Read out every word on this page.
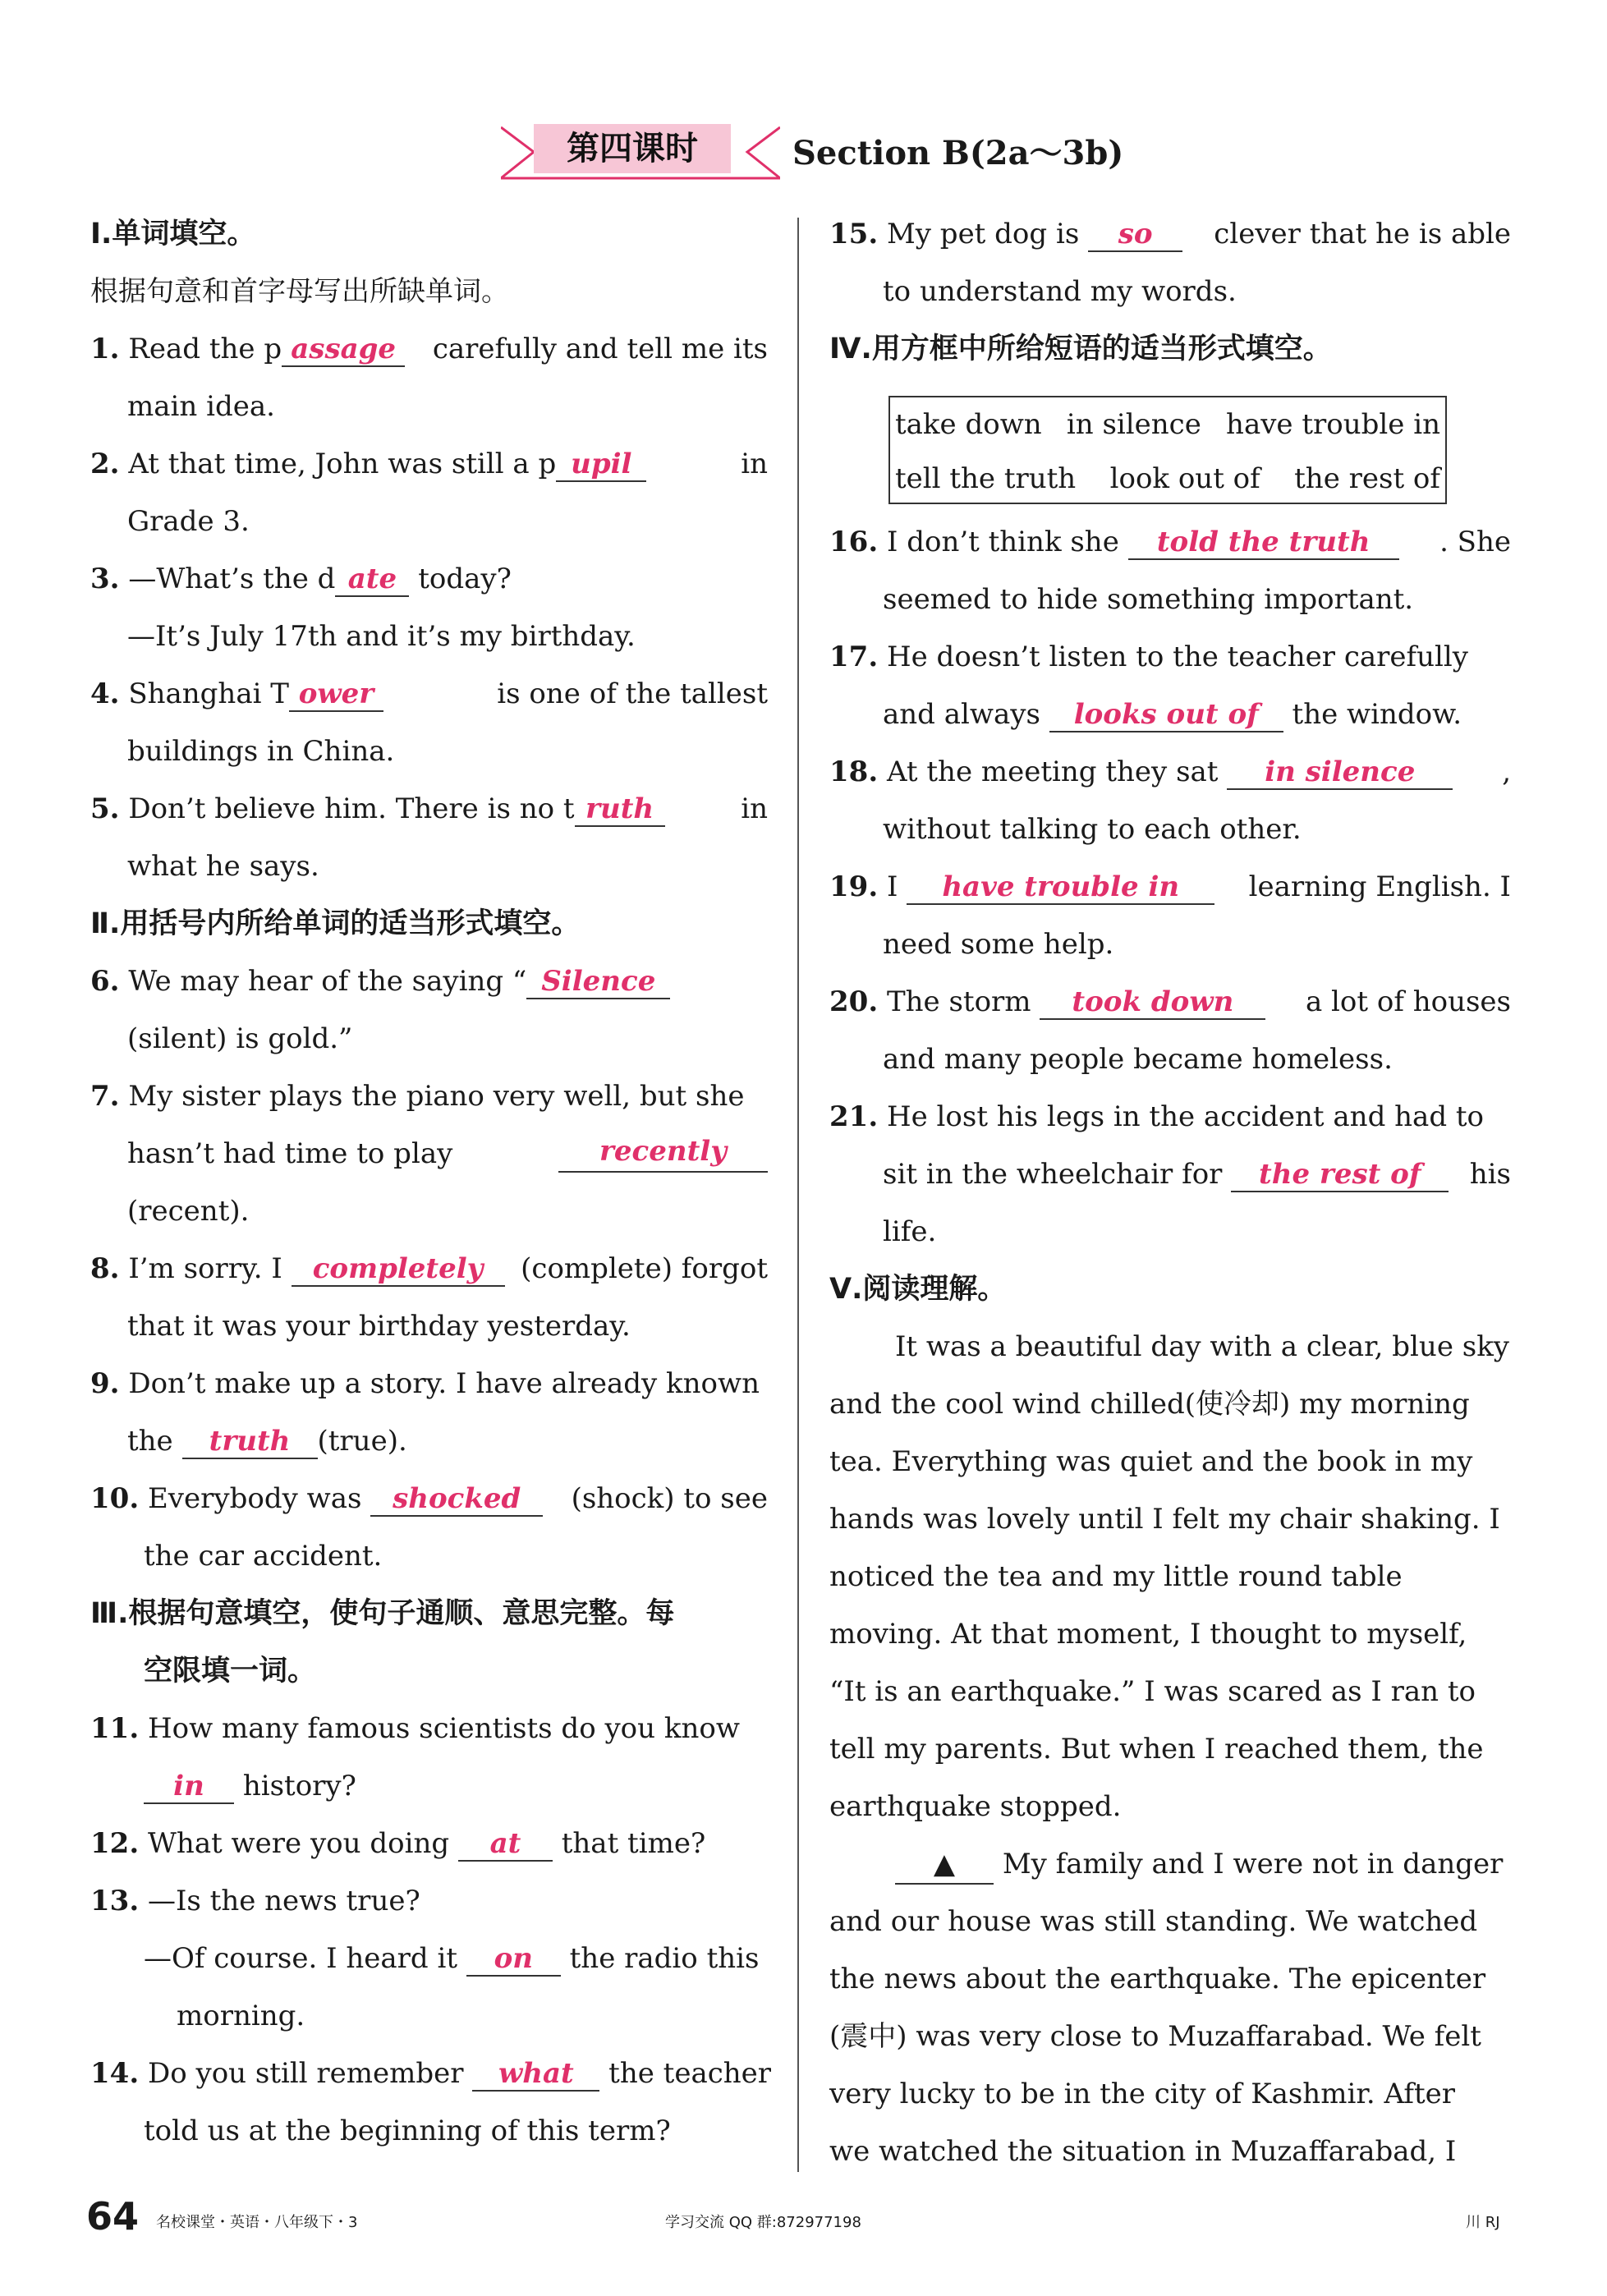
第四课时	Section B(2a～3b)
Ⅰ.单词填空。
根据句意和首字母写出所缺单词。
1. Read the p assage	carefully and tell me its
main idea.
2. At that time, John was still a p upil	in
Grade 3.
3. —What’s the d ate today?
—It’s July 17th and it’s my birthday.
4. Shanghai T ower	is one of the tallest
buildings in China.
5. Don’t believe him. There is no t ruth	in
what he says.
Ⅱ.用括号内所给单词的适当形式填空。
6. We may hear of the saying “ Silence
(silent) is gold.”
7. My sister plays the piano very well, but she
hasn’t had time to play	recently
(recent).
8. I’m sorry. I completely	(complete) forgot
that it was your birthday yesterday.
9. Don’t make up a story. I have already known
the truth (true).
10. Everybody was shocked	(shock) to see
the car accident.
Ⅲ.根据句意填空，使句子通顺、意思完整。每
空限填一词。
11. How many famous scientists do you know
in history?
12. What were you doing at that time?
13. —Is the news true?
—Of course. I heard it on the radio this
morning.
14. Do you still remember what the teacher
told us at the beginning of this term?
15. My pet dog is so	clever that he is able
to understand my words.
Ⅳ.用方框中所给短语的适当形式填空。
take down in silence have trouble in
tell the truth look out of the rest of
16. I don’t think she told the truth	. She
seemed to hide something important.
17. He doesn’t listen to the teacher carefully
and always looks out of the window.
18. At the meeting they sat in silence	,
without talking to each other.
19. I have trouble in	learning English. I
need some help.
20. The storm took down	a lot of houses
and many people became homeless.
21. He lost his legs in the accident and had to
sit in the wheelchair for the rest of	his
life.
Ⅴ.阅读理解。
It was a beautiful day with a clear, blue sky
and the cool wind chilled(使冷却) my morning
tea. Everything was quiet and the book in my
hands was lovely until I felt my chair shaking. I
noticed the tea and my little round table
moving. At that moment, I thought to myself,
“It is an earthquake.” I was scared as I ran to
tell my parents. But when I reached them, the
earthquake stopped.
▲ My family and I were not in danger
and our house was still standing. We watched
the news about the earthquake. The epicenter
(震中) was very close to Muzaffarabad. We felt
very lucky to be in the city of Kashmir. After
we watched the situation in Muzaffarabad, I
64 名校课堂・英语・八年级下・3	学习交流 QQ 群:872977198	川 RJ
